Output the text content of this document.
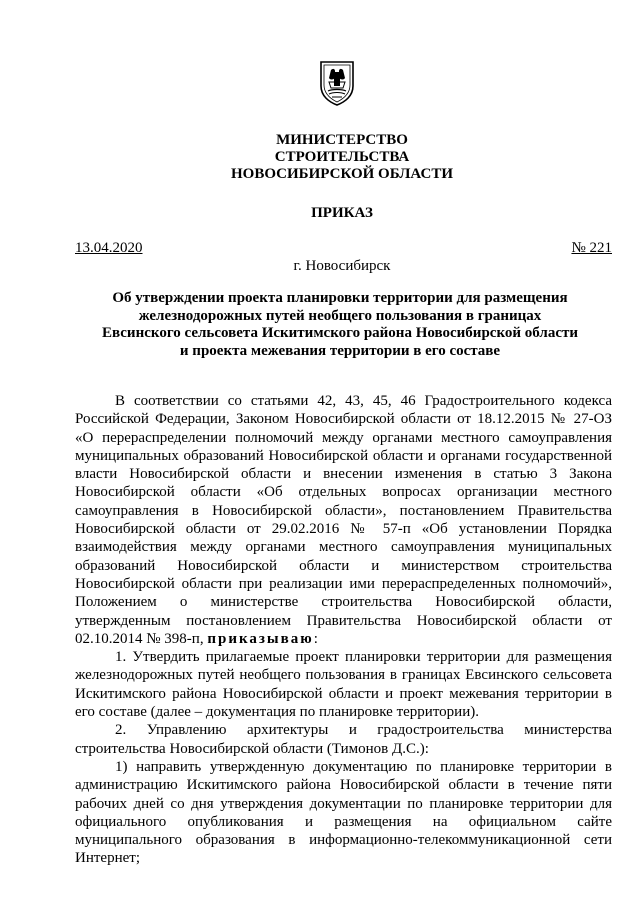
МИНИСТЕРСТВО
СТРОИТЕЛЬСТВА
НОВОСИБИРСКОЙ ОБЛАСТИ
ПРИКАЗ
13.04.2020	№ 221
г. Новосибирск
Об утверждении проекта планировки территории для размещения железнодорожных путей необщего пользования в границах Евсинского сельсовета Искитимского района Новосибирской области и проекта межевания территории в его составе

В соответствии со статьями 42, 43, 45, 46 Градостроительного кодекса Российской Федерации, Законом Новосибирской области от 18.12.2015 № 27-ОЗ «О перераспределении полномочий между органами местного самоуправления муниципальных образований Новосибирской области и органами государственной власти Новосибирской области и внесении изменения в статью 3 Закона Новосибирской области «Об отдельных вопросах организации местного самоуправления в Новосибирской области», постановлением Правительства Новосибирской области от 29.02.2016 № 57-п «Об установлении Порядка взаимодействия между органами местного самоуправления муниципальных образований Новосибирской области и министерством строительства Новосибирской области при реализации ими перераспределенных полномочий», Положением о министерстве строительства Новосибирской области, утвержденным постановлением Правительства Новосибирской области от 02.10.2014 № 398-п, приказываю:

1. Утвердить прилагаемые проект планировки территории для размещения железнодорожных путей необщего пользования в границах Евсинского сельсовета Искитимского района Новосибирской области и проект межевания территории в его составе (далее – документация по планировке территории).

2. Управлению архитектуры и градостроительства министерства строительства Новосибирской области (Тимонов Д.С.):

1) направить утвержденную документацию по планировке территории в администрацию Искитимского района Новосибирской области в течение пяти рабочих дней со дня утверждения документации по планировке территории для официального опубликования и размещения на официальном сайте муниципального образования в информационно-телекоммуникационной сети Интернет;
